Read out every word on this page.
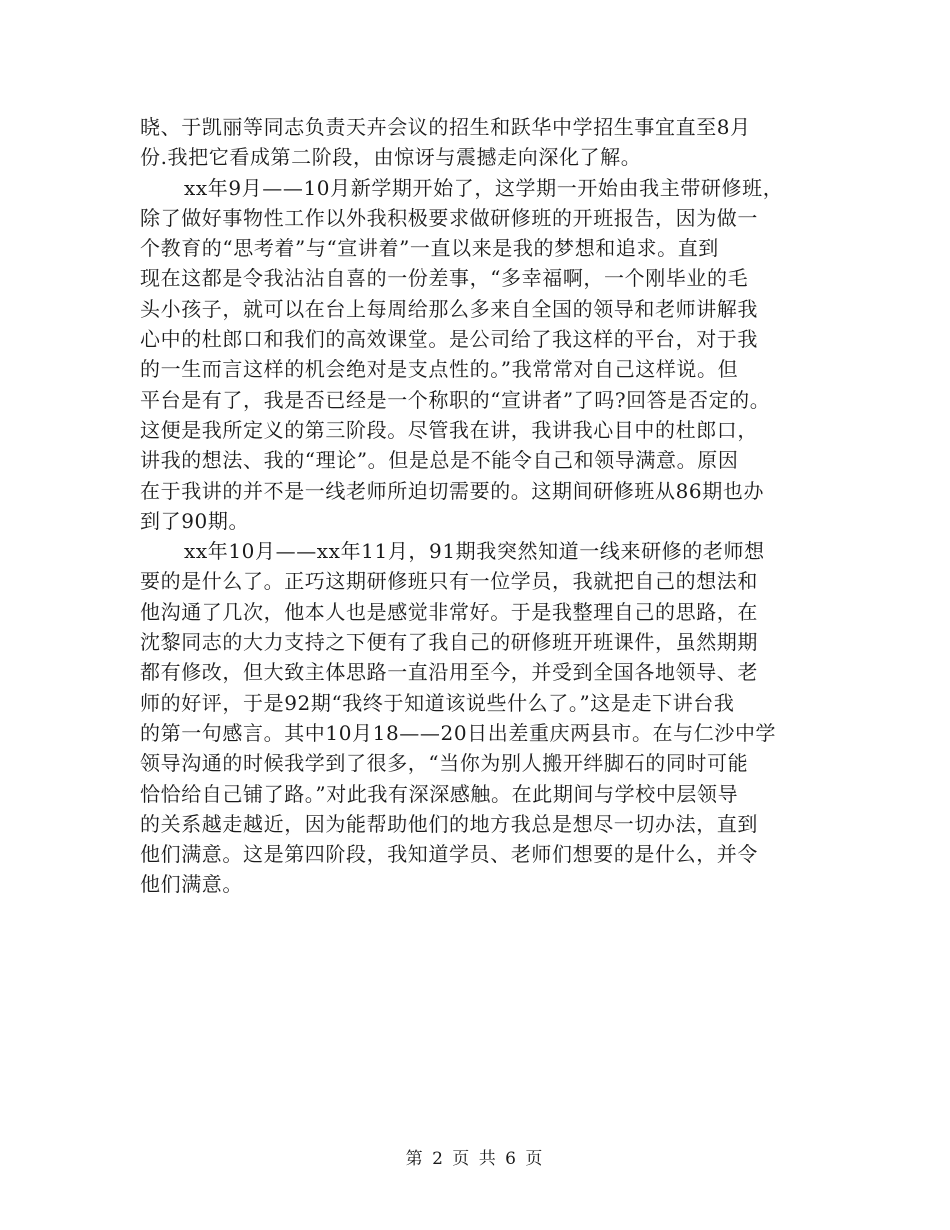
晓、于凯丽等同志负责天卉会议的招生和跃华中学招生事宜直至8月

份.我把它看成第二阶段，由惊讶与震撼走向深化了解。

xx年9月——10月新学期开始了，这学期一开始由我主带研修班，

除了做好事物性工作以外我积极要求做研修班的开班报告，因为做一

个教育的“思考着”与“宣讲着”一直以来是我的梦想和追求。直到

现在这都是令我沾沾自喜的一份差事，“多幸福啊，一个刚毕业的毛

头小孩子，就可以在台上每周给那么多来自全国的领导和老师讲解我

心中的杜郎口和我们的高效课堂。是公司给了我这样的平台，对于我

的一生而言这样的机会绝对是支点性的。”我常常对自己这样说。但

平台是有了，我是否已经是一个称职的“宣讲者”了吗?回答是否定的。

这便是我所定义的第三阶段。尽管我在讲，我讲我心目中的杜郎口，

讲我的想法、我的“理论”。但是总是不能令自己和领导满意。原因

在于我讲的并不是一线老师所迫切需要的。这期间研修班从86期也办

到了90期。

xx年10月——xx年11月，91期我突然知道一线来研修的老师想

要的是什么了。正巧这期研修班只有一位学员，我就把自己的想法和

他沟通了几次，他本人也是感觉非常好。于是我整理自己的思路，在

沈黎同志的大力支持之下便有了我自己的研修班开班课件，虽然期期

都有修改，但大致主体思路一直沿用至今，并受到全国各地领导、老

师的好评，于是92期“我终于知道该说些什么了。”这是走下讲台我

的第一句感言。其中10月18——20日出差重庆两县市。在与仁沙中学

领导沟通的时候我学到了很多，“当你为别人搬开绊脚石的同时可能

恰恰给自己铺了路。”对此我有深深感触。在此期间与学校中层领导

的关系越走越近，因为能帮助他们的地方我总是想尽一切办法，直到

他们满意。这是第四阶段，我知道学员、老师们想要的是什么，并令

他们满意。

第 2 页 共 6 页
